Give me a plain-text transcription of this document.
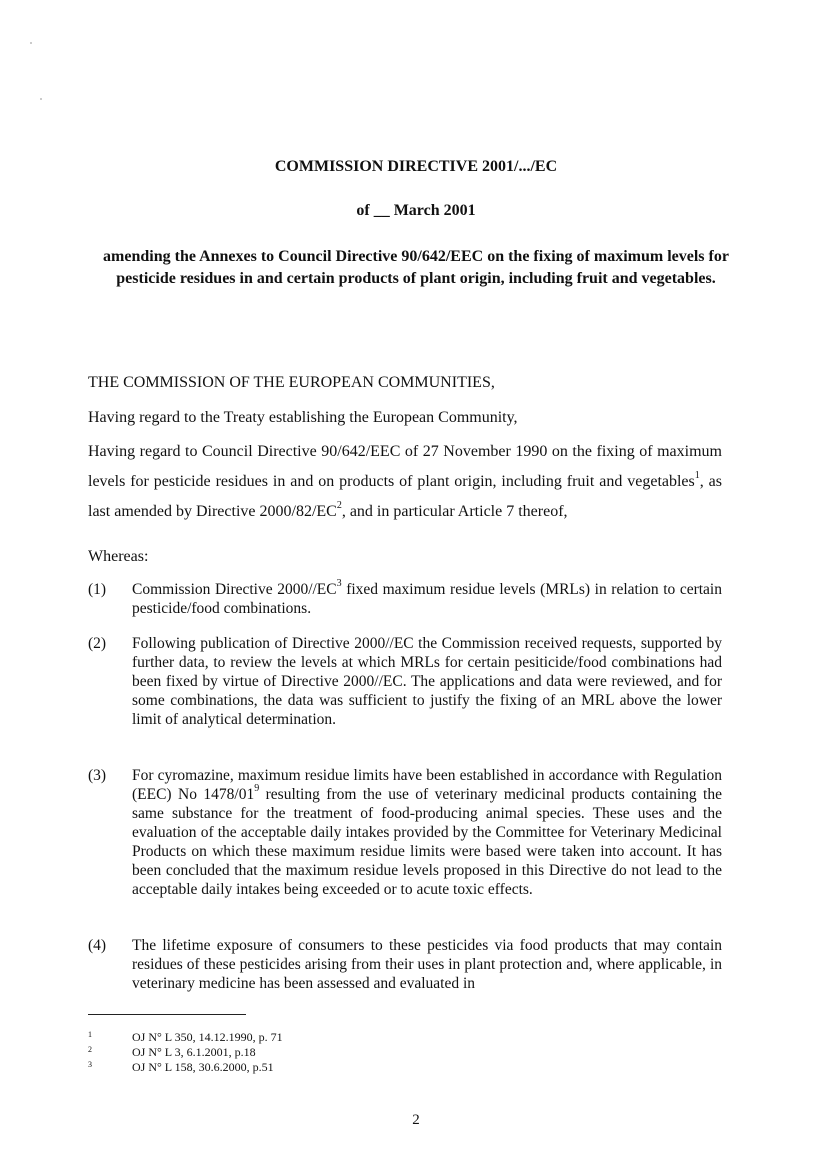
COMMISSION DIRECTIVE 2001/.../EC
of __ March 2001
amending the Annexes to Council Directive 90/642/EEC on the fixing of maximum levels for pesticide residues in and certain products of plant origin, including fruit and vegetables.
THE COMMISSION OF THE EUROPEAN COMMUNITIES,
Having regard to the Treaty establishing the European Community,
Having regard to Council Directive 90/642/EEC of 27 November 1990 on the fixing of maximum levels for pesticide residues in and on products of plant origin, including fruit and vegetables$^1$, as last amended by Directive $2000/82/EC^2$, and in particular Article 7 thereof,
Whereas:
(1)	Commission Directive $2000//EC^3$ fixed maximum residue levels (MRLs) in relation to certain pesticide/food combinations.
(2)	Following publication of Directive 2000//EC the Commission received requests, supported by further data, to review the levels at which MRLs for certain pesiticide/food combinations had been fixed by virtue of Directive 2000//EC. The applications and data were reviewed, and for some combinations, the data was sufficient to justify the fixing of an MRL above the lower limit of analytical determination.
(3)	For cyromazine, maximum residue limits have been established in accordance with Regulation (EEC) No $1478/01^9$ resulting from the use of veterinary medicinal products containing the same substance for the treatment of food-producing animal species. These uses and the evaluation of the acceptable daily intakes provided by the Committee for Veterinary Medicinal Products on which these maximum residue limits were based were taken into account. It has been concluded that the maximum residue levels proposed in this Directive do not lead to the acceptable daily intakes being exceeded or to acute toxic effects.
(4)	The lifetime exposure of consumers to these pesticides via food products that may contain residues of these pesticides arising from their uses in plant protection and, where applicable, in veterinary medicine has been assessed and evaluated in
1	OJ N° L 350, 14.12.1990, p. 71
2	OJ N° L 3, 6.1.2001, p.18
3	OJ N° L 158, 30.6.2000, p.51
2
